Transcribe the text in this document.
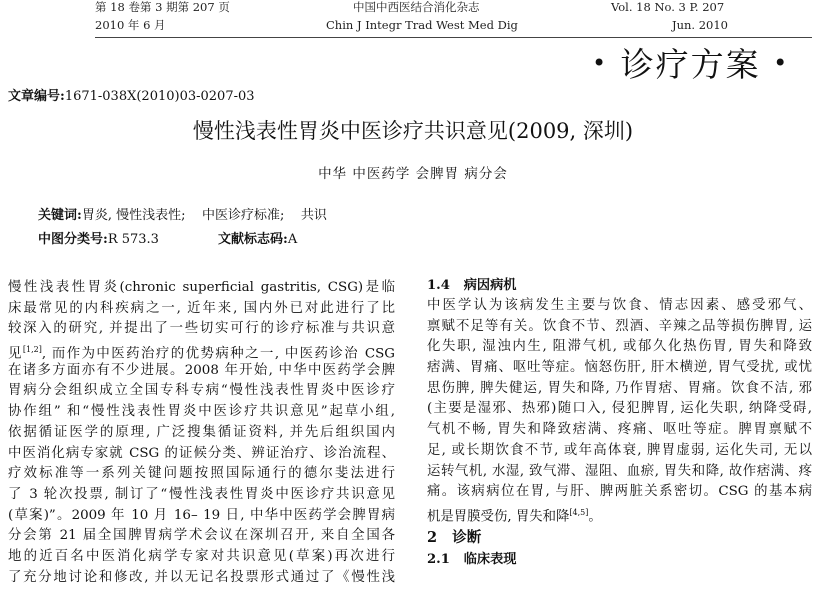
第 18 卷第 3 期第 207 页
2010 年 6 月
中国中西医结合消化杂志
Chin J Integr Trad West Med Dig
Vol. 18 No. 3 P. 207
Jun. 2010
• 诊疗方案 •
文章编号:1671-038X(2010)03-0207-03
慢性浅表性胃炎中医诊疗共识意见(2009, 深圳)
中华 中医药学 会脾胃 病分会
关键词:胃炎, 慢性浅表性;    中医诊疗标准;    共识
中图分类号:R 573.3	文献标志码:A
慢性浅表性胃炎(chronic superficial gastritis, CSG)是临
床最常见的内科疾病之一, 近年来, 国内外已对此进行了比
较深入的研究, 并提出了一些切实可行的诊疗标准与共识意
见[1,2], 而作为中医药治疗的优势病种之一, 中医药诊治 CSG
在诸多方面亦有不少进展。2008 年开始, 中华中医药学会脾
胃病分会组织成立全国专科专病“慢性浅表性胃炎中医诊疗
协作组” 和“慢性浅表性胃炎中医诊疗共识意见”起草小组,
依据循证医学的原理, 广泛搜集循证资料, 并先后组织国内
中医消化病专家就 CSG 的证候分类、辨证治疗、诊治流程、
疗效标准等一系列关键问题按照国际通行的德尔斐法进行
了 3 轮次投票, 制订了“慢性浅表性胃炎中医诊疗共识意见
(草案)”。2009 年 10 月 16– 19 日, 中华中医药学会脾胃病
分会第 21 届全国脾胃病学术会议在深圳召开, 来自全国各
地的近百名中医消化病学专家对共识意见(草案)再次进行
了充分地讨论和修改, 并以无记名投票形式通过了《慢性浅
1.4   病因病机
中医学认为该病发生主要与饮食、情志因素、感受邪气、
禀赋不足等有关。饮食不节、烈酒、辛辣之品等损伤脾胃, 运
化失职, 湿浊内生, 阻滞气机, 或郁久化热伤胃, 胃失和降致
痞满、胃痛、呕吐等症。恼怒伤肝, 肝木横逆, 胃气受扰, 或忧
思伤脾, 脾失健运, 胃失和降, 乃作胃痞、胃痛。饮食不洁, 邪
(主要是湿邪、热邪)随口入, 侵犯脾胃, 运化失职, 纳降受碍,
气机不畅, 胃失和降致痞满、疼痛、呕吐等症。脾胃禀赋不
足, 或长期饮食不节, 或年高体衰, 脾胃虚弱, 运化失司, 无以
运转气机, 水湿, 致气滞、湿阻、血瘀, 胃失和降, 故作痞满、疼
痛。该病病位在胃, 与肝、脾两脏关系密切。CSG 的基本病
机是胃膜受伤, 胃失和降[4,5]。
2   诊断
2.1   临床表现
